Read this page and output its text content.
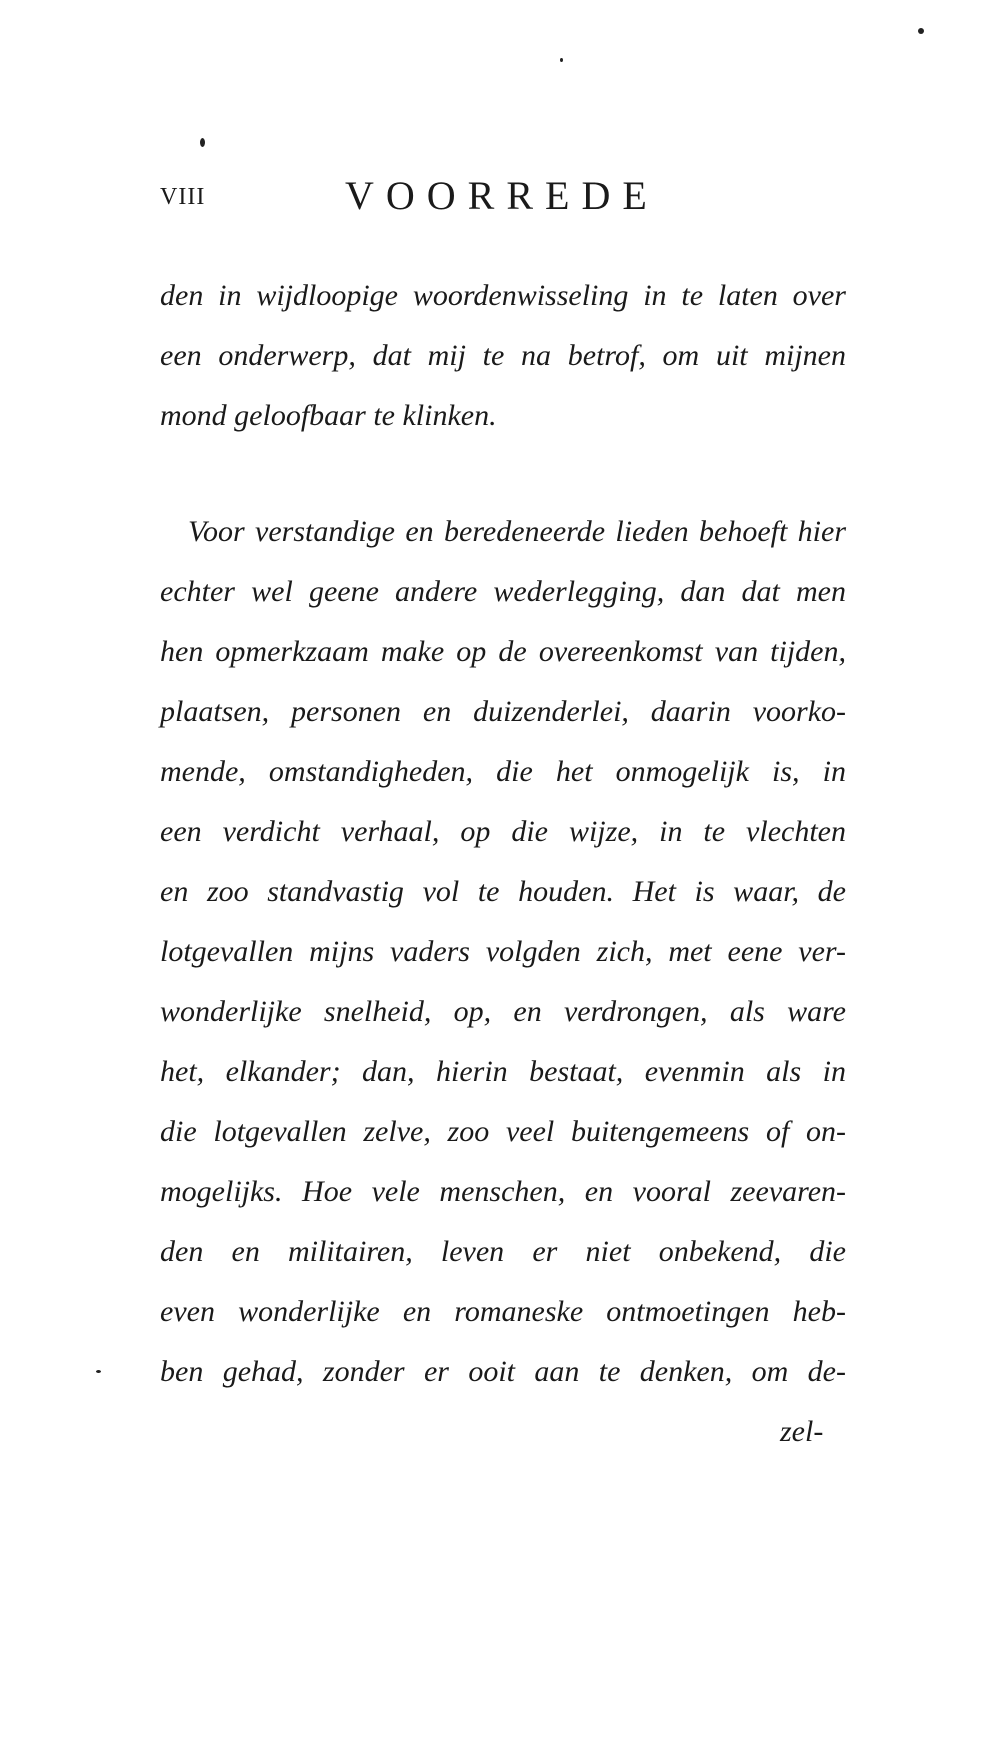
VIII	VOORREDE
den in wijdloopige woordenwisseling in te laten over
een onderwerp, dat mij te na betrof, om uit mijnen
mond geloofbaar te klinken.
Voor verstandige en beredeneerde lieden behoeft hier
echter wel geene andere wederlegging, dan dat men
hen opmerkzaam make op de overeenkomst van tijden,
plaatsen, personen en duizenderlei, daarin voorko-
mende, omstandigheden, die het onmogelijk is, in
een verdicht verhaal, op die wijze, in te vlechten
en zoo standvastig vol te houden. Het is waar, de
lotgevallen mijns vaders volgden zich, met eene ver-
wonderlijke snelheid, op, en verdrongen, als ware
het, elkander; dan, hierin bestaat, evenmin als in
die lotgevallen zelve, zoo veel buitengemeens of on-
mogelijks. Hoe vele menschen, en vooral zeevaren-
den en militairen, leven er niet onbekend, die
even wonderlijke en romaneske ontmoetingen heb-
ben gehad, zonder er ooit aan te denken, om de-
zel-
